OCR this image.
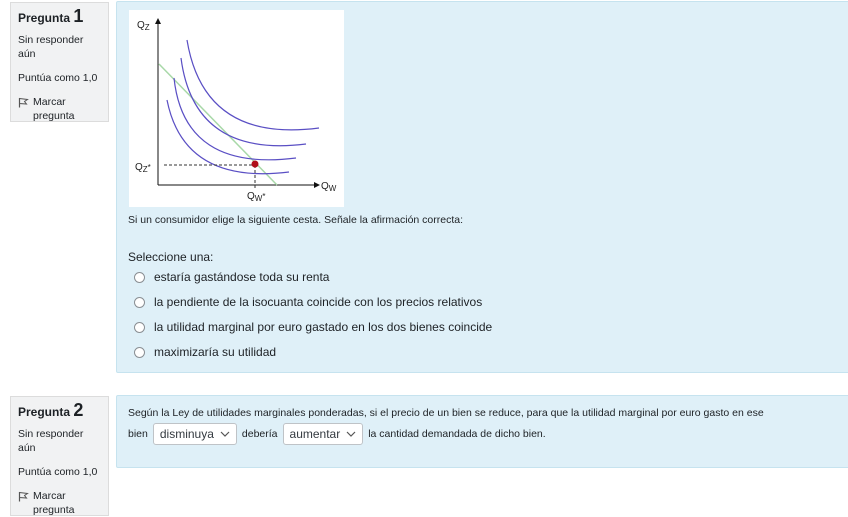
Pregunta 1
Sin responder aún
Puntúa como 1,0
Marcar pregunta
$Q_Z$
$Q_W$
$Q_Z^*$
$Q_W^*$
Si un consumidor elige la siguiente cesta. Señale la afirmación correcta:
Seleccione una:
estaría gastándose toda su renta
la pendiente de la isocuanta coincide con los precios relativos
la utilidad marginal por euro gastado en los dos bienes coincide
maximizaría su utilidad
Pregunta 2
Sin responder aún
Puntúa como 1,0
Marcar pregunta
Según la Ley de utilidades marginales ponderadas, si el precio de un bien se reduce, para que la utilidad marginal por euro gasto en ese
bien disminuya	debería aumentar	la cantidad demandada de dicho bien.
